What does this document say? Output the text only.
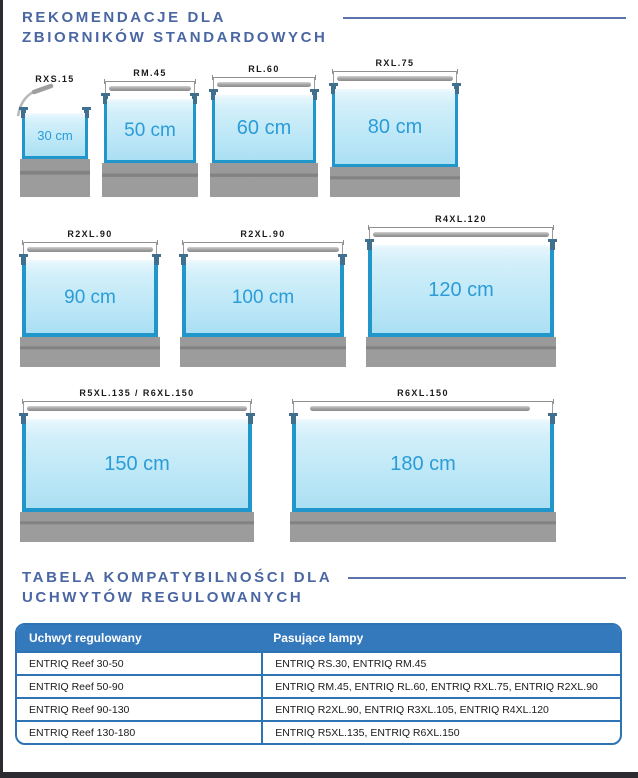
REKOMENDACJE DLA
ZBIORNIKÓW STANDARDOWYCH
RXS.15
30 cm
RM.45
50 cm
RL.60
60 cm
RXL.75
80 cm
R2XL.90
90 cm
R2XL.90
100 cm
R4XL.120
120 cm
R5XL.135 / R6XL.150
150 cm
R6XL.150
180 cm
TABELA KOMPATYBILNOŚCI DLA
UCHWYTÓW REGULOWANYCH
Uchwyt regulowany	Pasujące lampy
ENTRIQ Reef 30-50	ENTRIQ RS.30, ENTRIQ RM.45
ENTRIQ Reef 50-90	ENTRIQ RM.45, ENTRIQ RL.60, ENTRIQ RXL.75, ENTRIQ R2XL.90
ENTRIQ Reef 90-130	ENTRIQ R2XL.90, ENTRIQ R3XL.105, ENTRIQ R4XL.120
ENTRIQ Reef 130-180	ENTRIQ R5XL.135, ENTRIQ R6XL.150
